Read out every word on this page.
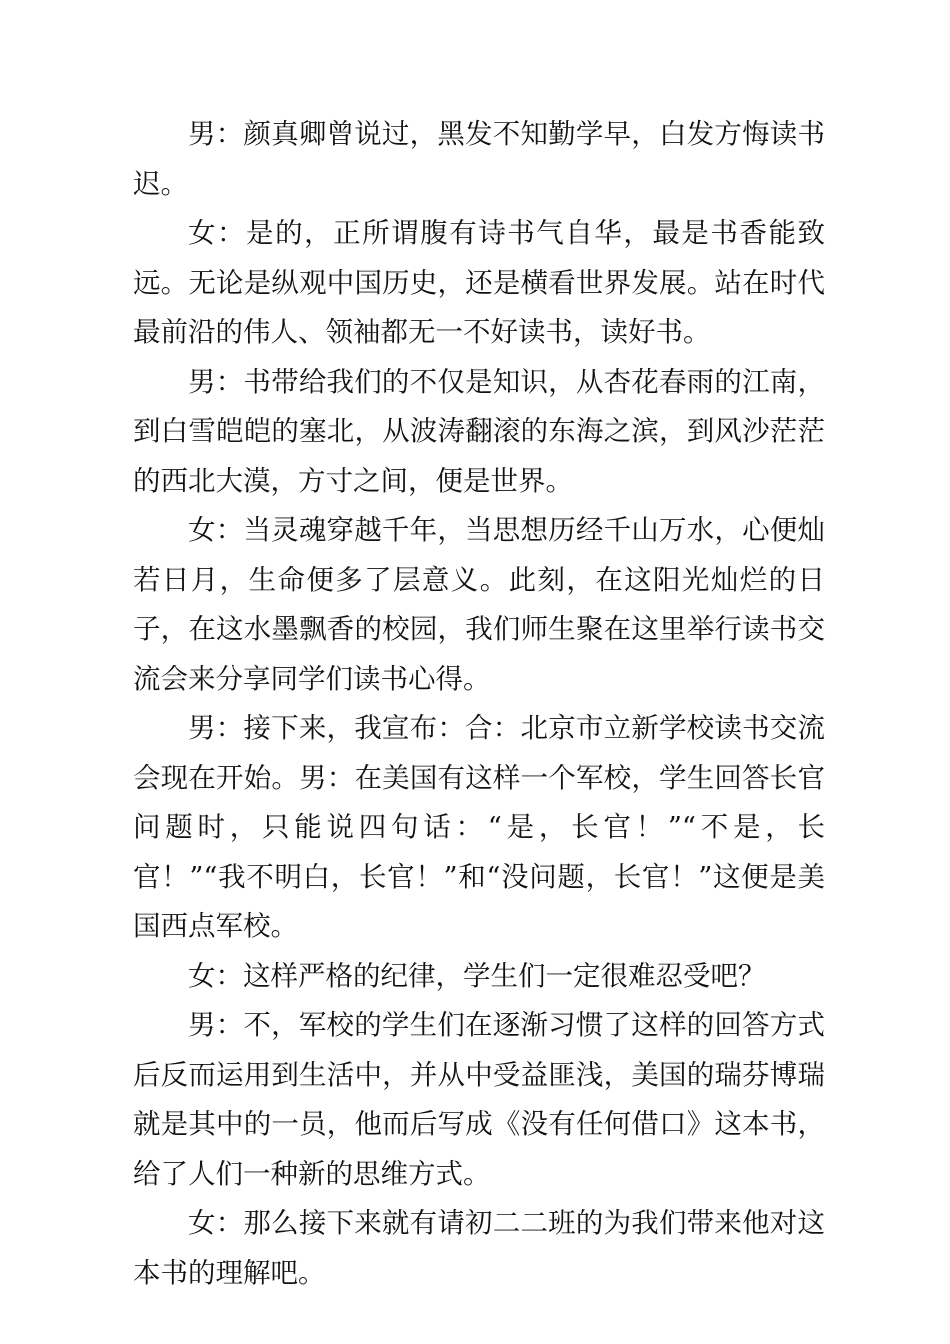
男：颜真卿曾说过，黑发不知勤学早，白发方悔读书迟。

女：是的，正所谓腹有诗书气自华，最是书香能致远。无论是纵观中国历史，还是横看世界发展。站在时代最前沿的伟人、领袖都无一不好读书，读好书。

男：书带给我们的不仅是知识，从杏花春雨的江南，到白雪皑皑的塞北，从波涛翻滚的东海之滨，到风沙茫茫的西北大漠，方寸之间，便是世界。

女：当灵魂穿越千年，当思想历经千山万水，心便灿若日月，生命便多了层意义。此刻，在这阳光灿烂的日子，在这水墨飘香的校园，我们师生聚在这里举行读书交流会来分享同学们读书心得。

男：接下来，我宣布：合：北京市立新学校读书交流会现在开始。男：在美国有这样一个军校，学生回答长官问题时，只能说四句话：“是，长官！”“不是，长官！”“我不明白，长官！”和“没问题，长官！”这便是美国西点军校。

女：这样严格的纪律，学生们一定很难忍受吧？

男：不，军校的学生们在逐渐习惯了这样的回答方式后反而运用到生活中，并从中受益匪浅，美国的瑞芬博瑞就是其中的一员，他而后写成《没有任何借口》这本书，给了人们一种新的思维方式。

女：那么接下来就有请初二二班的为我们带来他对这本书的理解吧。
